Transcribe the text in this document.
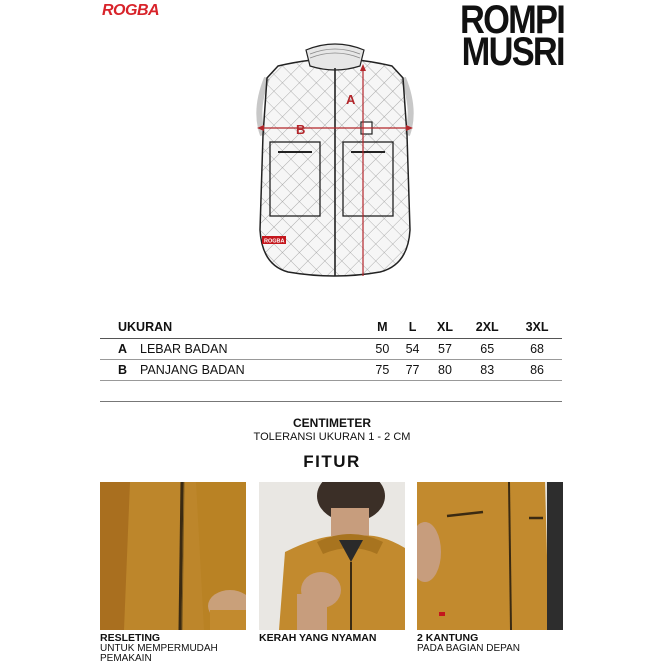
ROGBA	ROMPI
MUSRI
A
B
ROGBA
UKURAN		M	L	XL	2XL	3XL
A	LEBAR BADAN	50	54	57	65	68
B	PANJANG BADAN	75	77	80	83	86
CENTIMETER
TOLERANSI UKURAN 1 - 2 CM
FITUR
RESLETING
UNTUK MEMPERMUDAH
PEMAKAIN
KERAH YANG NYAMAN	2 KANTUNG
PADA BAGIAN DEPAN
